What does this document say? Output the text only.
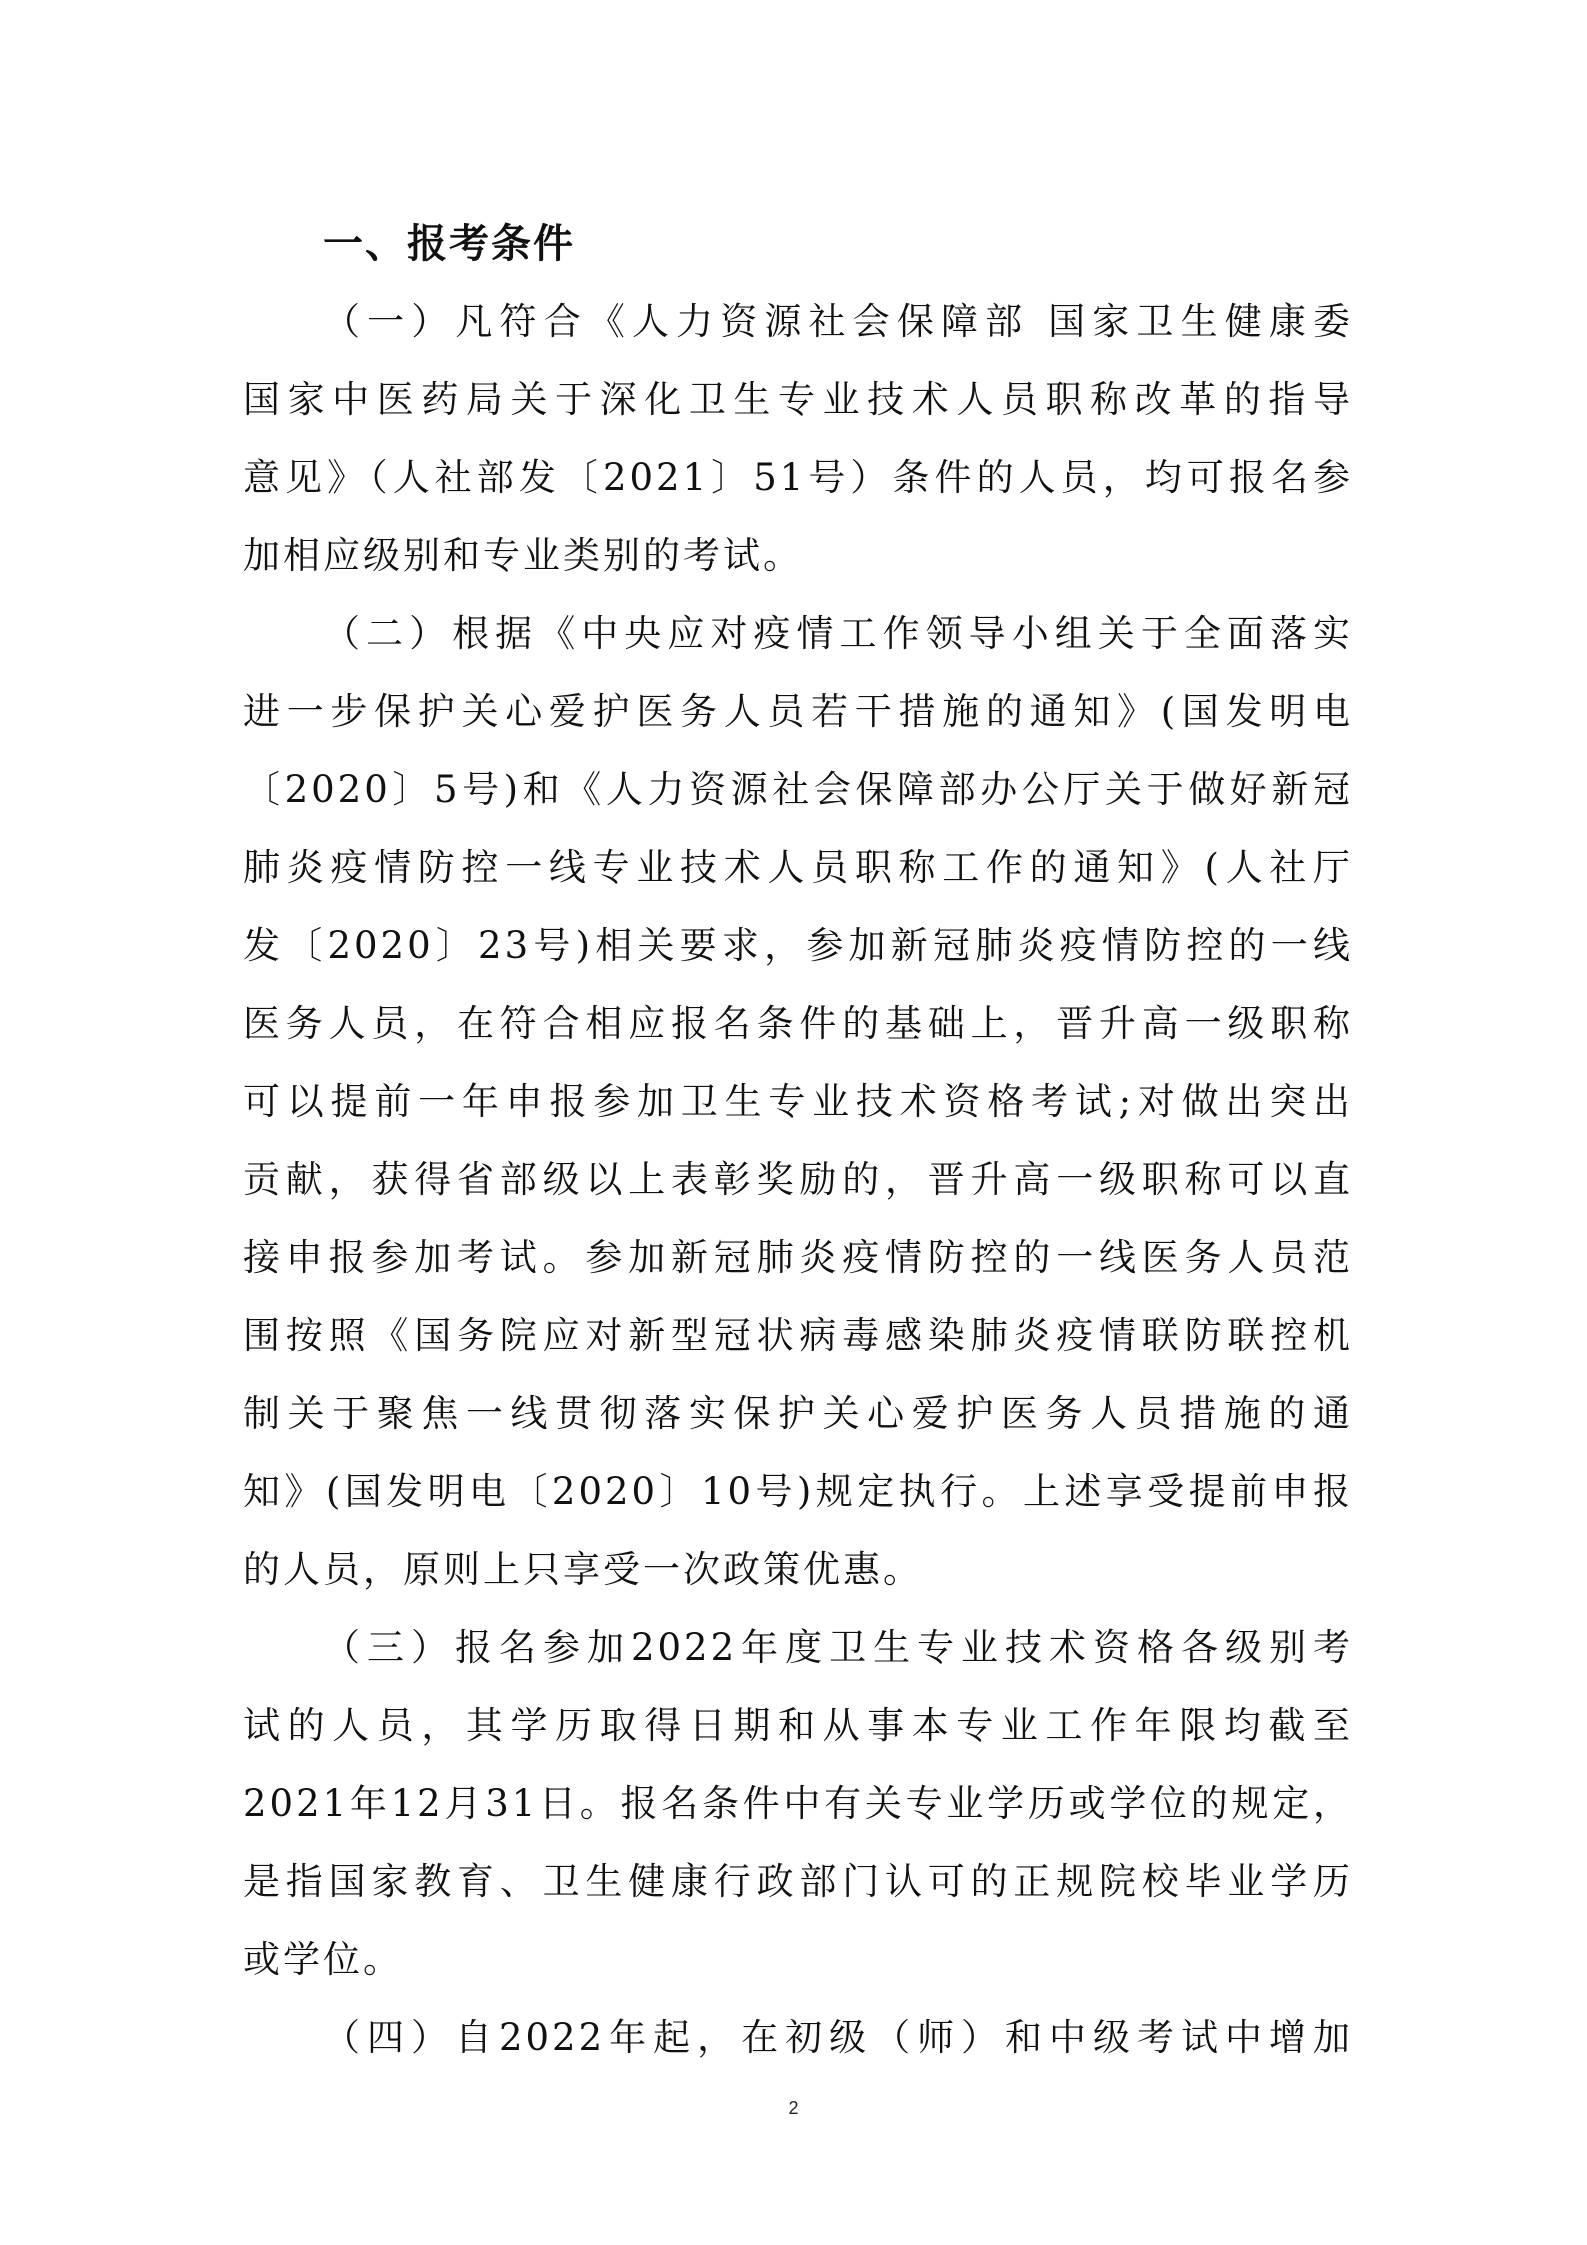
一、报考条件
（一）凡符合《人力资源社会保障部 国家卫生健康委
国家中医药局关于深化卫生专业技术人员职称改革的指导
意见》（人社部发〔2021〕51号）条件的人员，均可报名参
加相应级别和专业类别的考试。
（二）根据《中央应对疫情工作领导小组关于全面落实
进一步保护关心爱护医务人员若干措施的通知》(国发明电
〔2020〕5号)和《人力资源社会保障部办公厅关于做好新冠
肺炎疫情防控一线专业技术人员职称工作的通知》(人社厅
发〔2020〕23号)相关要求，参加新冠肺炎疫情防控的一线
医务人员，在符合相应报名条件的基础上，晋升高一级职称
可以提前一年申报参加卫生专业技术资格考试;对做出突出
贡献，获得省部级以上表彰奖励的，晋升高一级职称可以直
接申报参加考试。参加新冠肺炎疫情防控的一线医务人员范
围按照《国务院应对新型冠状病毒感染肺炎疫情联防联控机
制关于聚焦一线贯彻落实保护关心爱护医务人员措施的通
知》(国发明电〔2020〕10号)规定执行。上述享受提前申报
的人员，原则上只享受一次政策优惠。
（三）报名参加2022年度卫生专业技术资格各级别考
试的人员，其学历取得日期和从事本专业工作年限均截至
2021年12月31日。报名条件中有关专业学历或学位的规定，
是指国家教育、卫生健康行政部门认可的正规院校毕业学历
或学位。
（四）自2022年起，在初级（师）和中级考试中增加
2
